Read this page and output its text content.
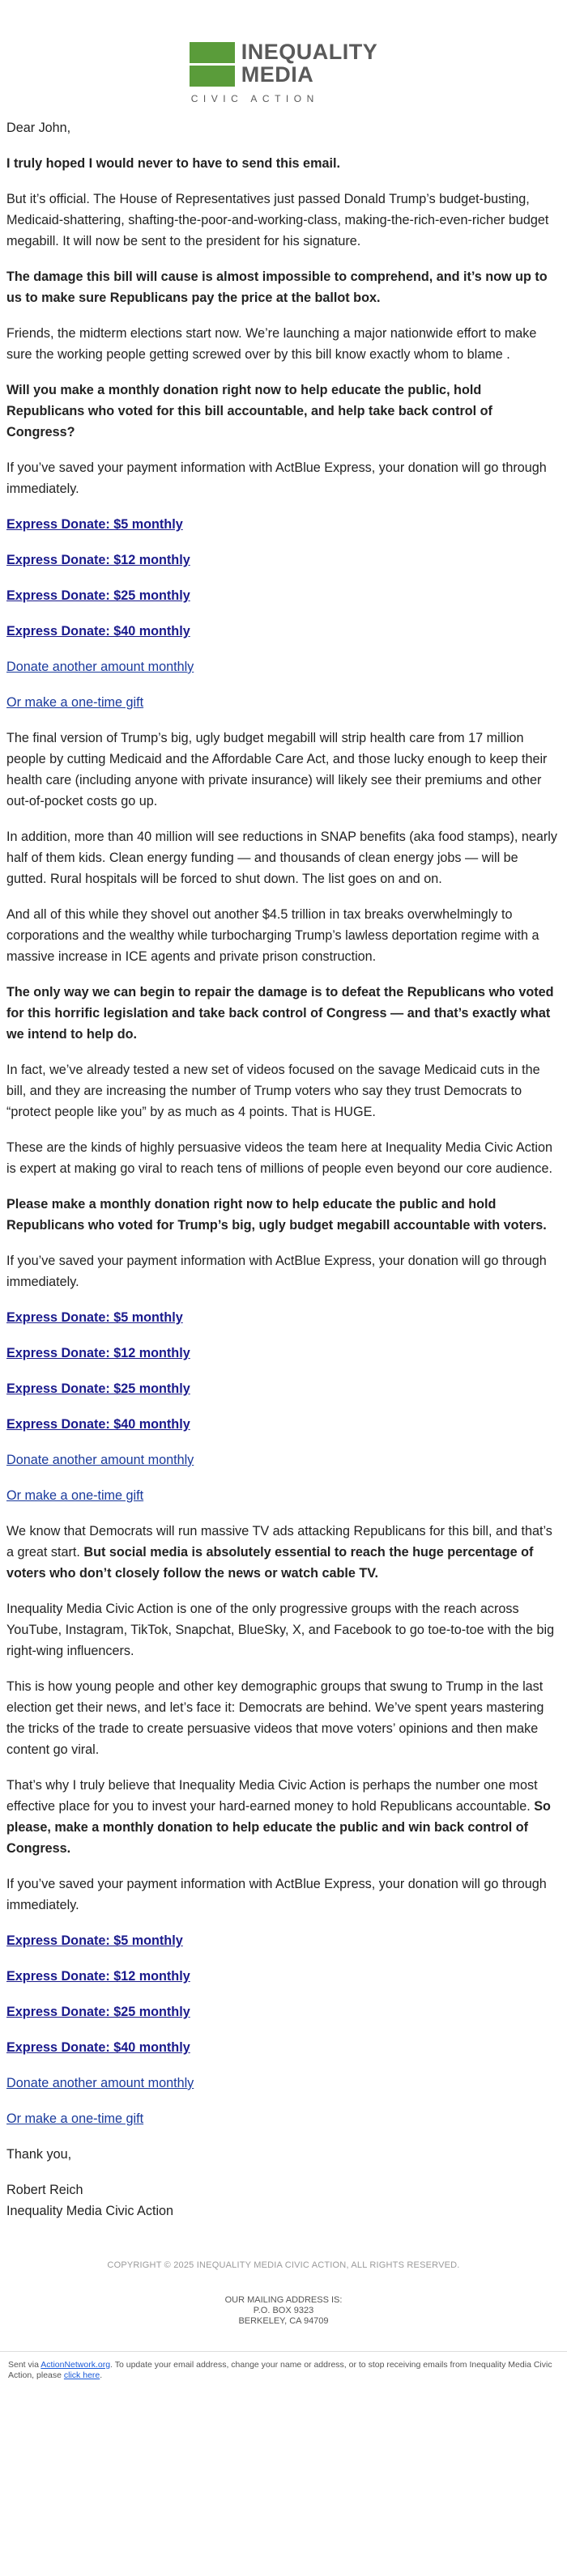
INEQUALITY
MEDIA
CIVIC ACTION

Dear John,

I truly hoped I would never to have to send this email.

But it’s official. The House of Representatives just passed Donald Trump’s budget-busting, Medicaid-shattering, shafting-the-poor-and-working-class, making-the-rich-even-richer budget megabill. It will now be sent to the president for his signature.

The damage this bill will cause is almost impossible to comprehend, and it’s now up to us to make sure Republicans pay the price at the ballot box.

Friends, the midterm elections start now. We’re launching a major nationwide effort to make sure the working people getting screwed over by this bill know exactly whom to blame .

Will you make a monthly donation right now to help educate the public, hold Republicans who voted for this bill accountable, and help take back control of Congress?

If you’ve saved your payment information with ActBlue Express, your donation will go through immediately.

Express Donate: $5 monthly

Express Donate: $12 monthly

Express Donate: $25 monthly

Express Donate: $40 monthly

Donate another amount monthly

Or make a one-time gift

The final version of Trump’s big, ugly budget megabill will strip health care from 17 million people by cutting Medicaid and the Affordable Care Act, and those lucky enough to keep their health care (including anyone with private insurance) will likely see their premiums and other out-of-pocket costs go up.

In addition, more than 40 million will see reductions in SNAP benefits (aka food stamps), nearly half of them kids. Clean energy funding — and thousands of clean energy jobs — will be gutted. Rural hospitals will be forced to shut down. The list goes on and on.

And all of this while they shovel out another $4.5 trillion in tax breaks overwhelmingly to corporations and the wealthy while turbocharging Trump’s lawless deportation regime with a massive increase in ICE agents and private prison construction.

The only way we can begin to repair the damage is to defeat the Republicans who voted for this horrific legislation and take back control of Congress — and that’s exactly what we intend to help do.

In fact, we’ve already tested a new set of videos focused on the savage Medicaid cuts in the bill, and they are increasing the number of Trump voters who say they trust Democrats to “protect people like you” by as much as 4 points. That is HUGE.

These are the kinds of highly persuasive videos the team here at Inequality Media Civic Action is expert at making go viral to reach tens of millions of people even beyond our core audience.

Please make a monthly donation right now to help educate the public and hold Republicans who voted for Trump’s big, ugly budget megabill accountable with voters.

If you’ve saved your payment information with ActBlue Express, your donation will go through immediately.

Express Donate: $5 monthly

Express Donate: $12 monthly

Express Donate: $25 monthly

Express Donate: $40 monthly

Donate another amount monthly

Or make a one-time gift

We know that Democrats will run massive TV ads attacking Republicans for this bill, and that’s a great start. But social media is absolutely essential to reach the huge percentage of voters who don’t closely follow the news or watch cable TV.

Inequality Media Civic Action is one of the only progressive groups with the reach across YouTube, Instagram, TikTok, Snapchat, BlueSky, X, and Facebook to go toe-to-toe with the big right-wing influencers.

This is how young people and other key demographic groups that swung to Trump in the last election get their news, and let’s face it: Democrats are behind. We’ve spent years mastering the tricks of the trade to create persuasive videos that move voters’ opinions and then make content go viral.

That’s why I truly believe that Inequality Media Civic Action is perhaps the number one most effective place for you to invest your hard-earned money to hold Republicans accountable. So please, make a monthly donation to help educate the public and win back control of Congress.

If you’ve saved your payment information with ActBlue Express, your donation will go through immediately.

Express Donate: $5 monthly

Express Donate: $12 monthly

Express Donate: $25 monthly

Express Donate: $40 monthly

Donate another amount monthly

Or make a one-time gift

Thank you,

Robert Reich
Inequality Media Civic Action
COPYRIGHT © 2025 INEQUALITY MEDIA CIVIC ACTION, ALL RIGHTS RESERVED.
OUR MAILING ADDRESS IS:
P.O. BOX 9323
BERKELEY, CA 94709
Sent via ActionNetwork.org. To update your email address, change your name or address, or to stop receiving emails from Inequality Media Civic Action, please click here.
